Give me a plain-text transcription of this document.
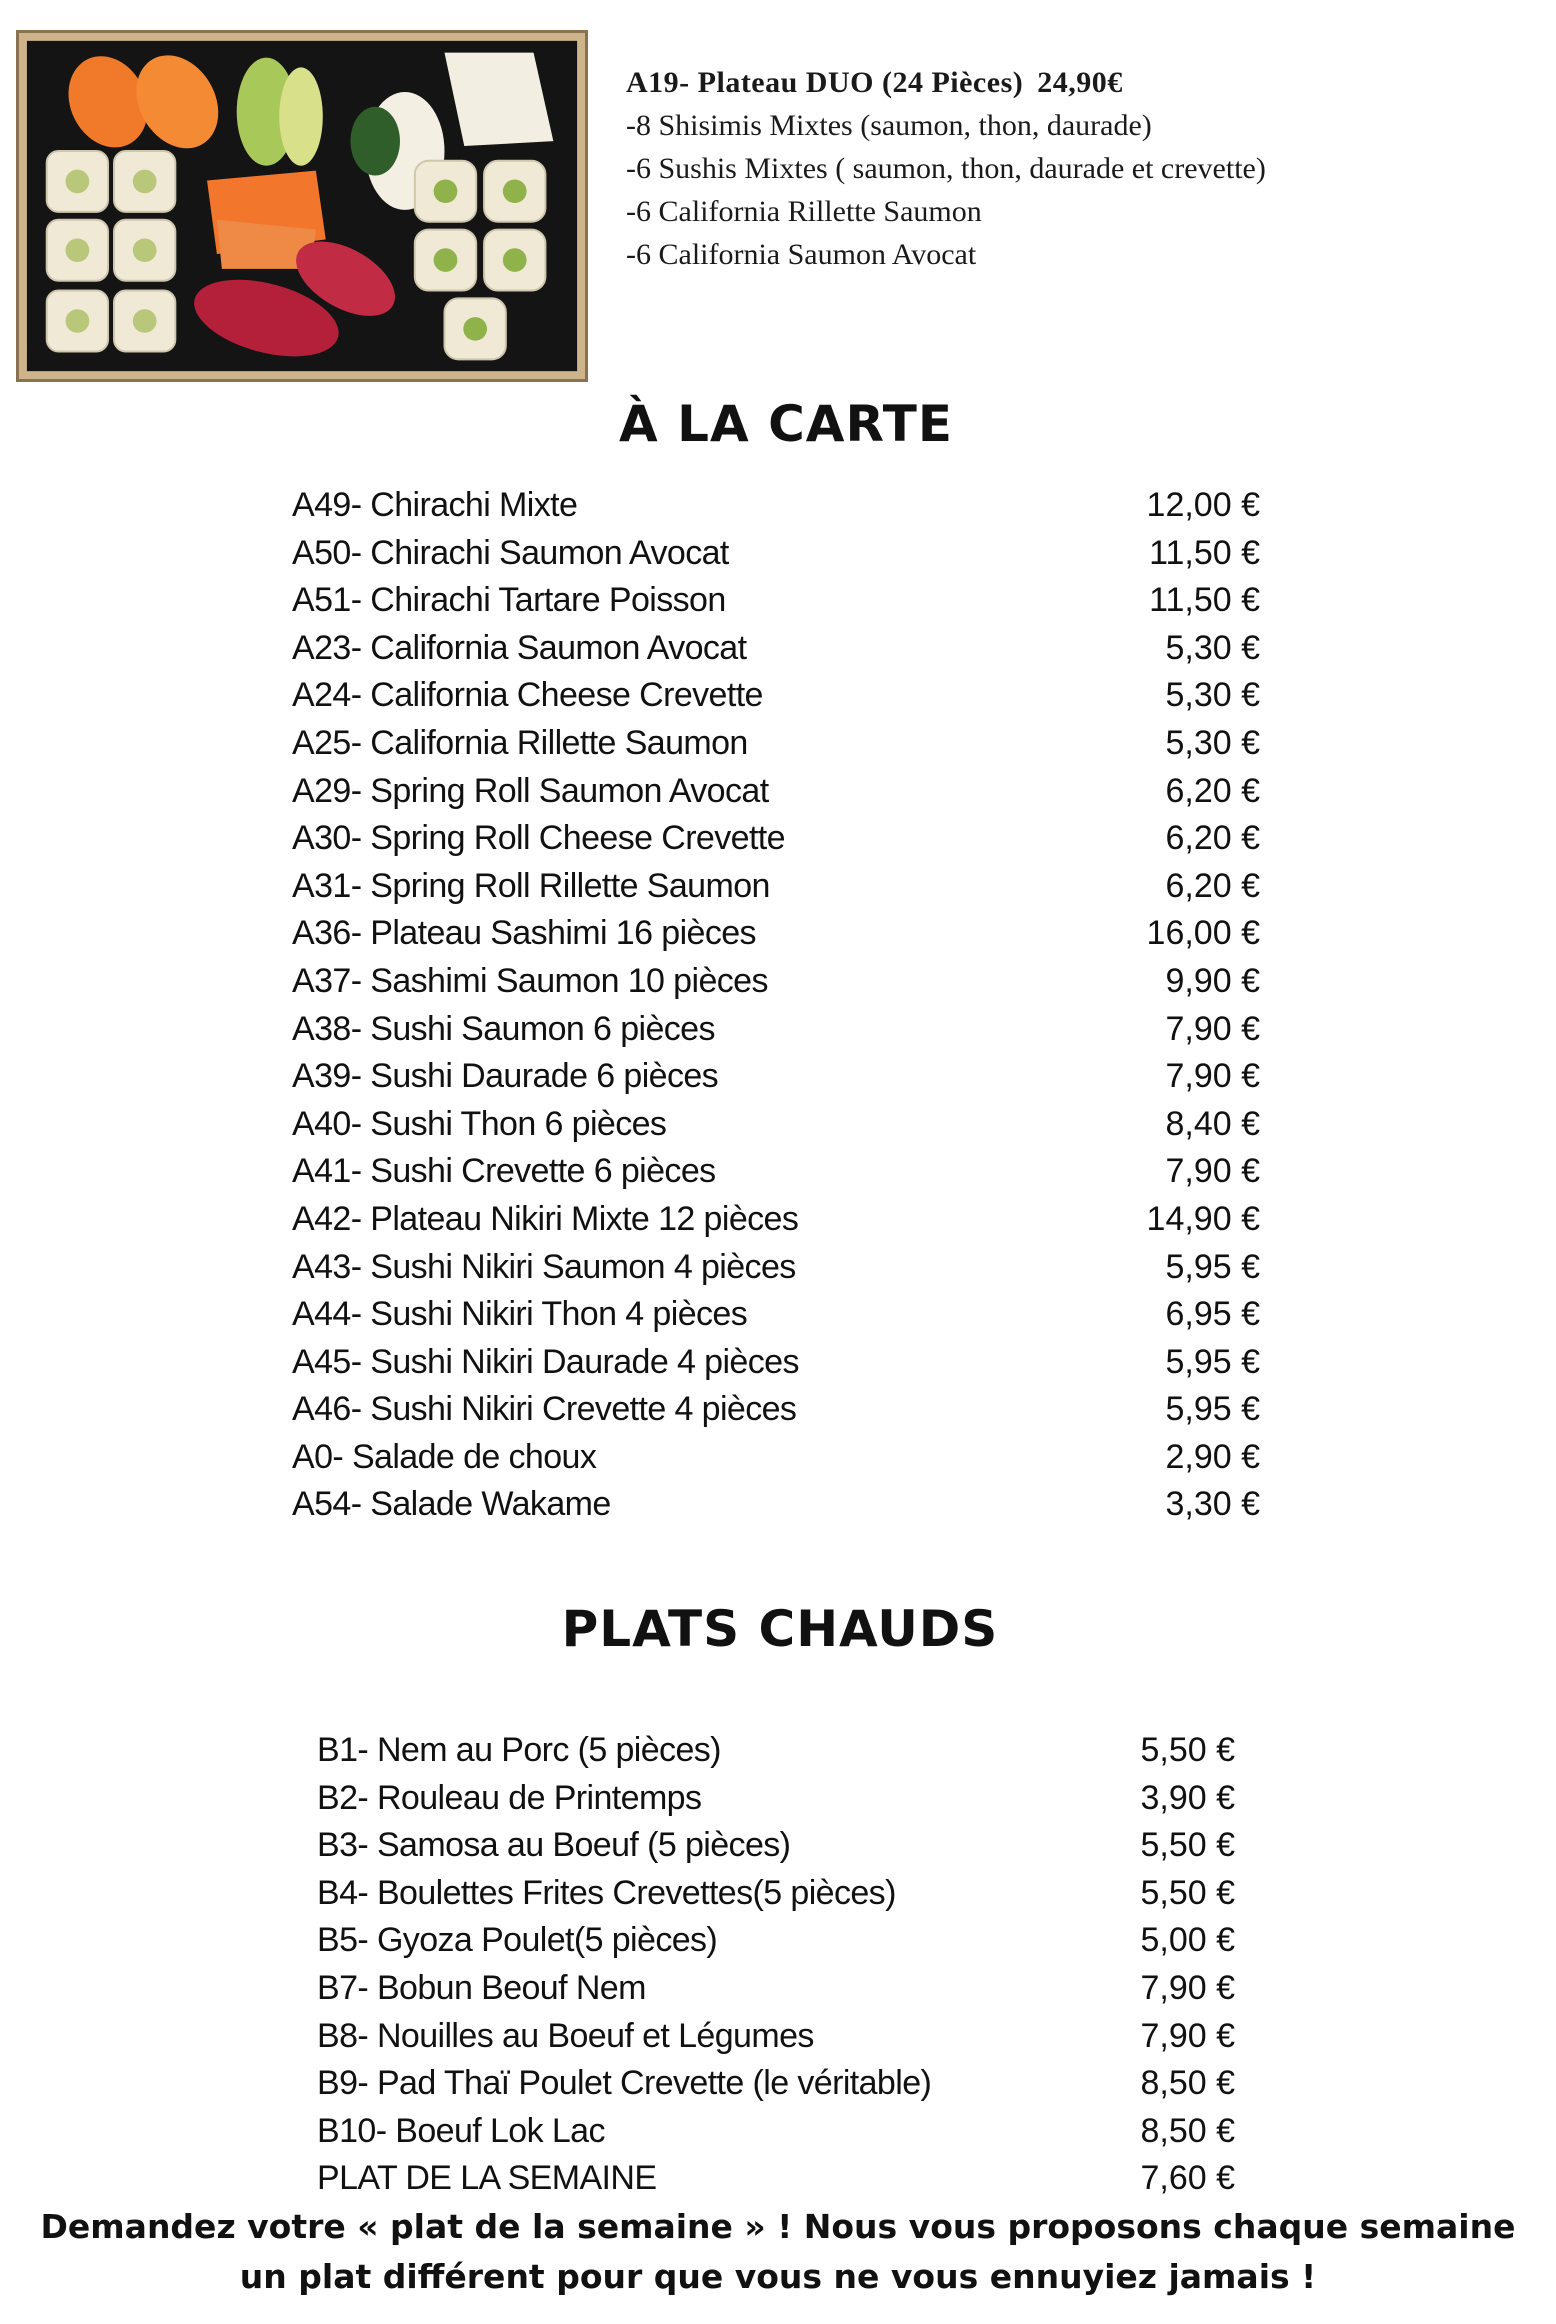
A19- Plateau DUO (24 Pièces) 24,90€
-8 Shisimis Mixtes (saumon, thon, daurade)
-6 Sushis Mixtes ( saumon, thon, daurade et crevette)
-6 California Rillette Saumon
-6 California Saumon Avocat
À LA CARTE
A49- Chirachi Mixte	12,00 €
A50- Chirachi Saumon Avocat	11,50 €
A51- Chirachi Tartare Poisson	11,50 €
A23- California Saumon Avocat	5,30 €
A24- California Cheese Crevette	5,30 €
A25- California Rillette Saumon	5,30 €
A29- Spring Roll Saumon Avocat	6,20 €
A30- Spring Roll Cheese Crevette	6,20 €
A31- Spring Roll Rillette Saumon	6,20 €
A36- Plateau Sashimi 16 pièces	16,00 €
A37- Sashimi Saumon 10 pièces	9,90 €
A38- Sushi Saumon 6 pièces	7,90 €
A39- Sushi Daurade 6 pièces	7,90 €
A40- Sushi Thon 6 pièces	8,40 €
A41- Sushi Crevette 6 pièces	7,90 €
A42- Plateau Nikiri Mixte 12 pièces	14,90 €
A43- Sushi Nikiri Saumon 4 pièces	5,95 €
A44- Sushi Nikiri Thon 4 pièces	6,95 €
A45- Sushi Nikiri Daurade 4 pièces	5,95 €
A46- Sushi Nikiri Crevette 4 pièces	5,95 €
A0- Salade de choux	2,90 €
A54- Salade Wakame	3,30 €
PLATS CHAUDS
B1- Nem au Porc (5 pièces)	5,50 €
B2- Rouleau de Printemps	3,90 €
B3- Samosa au Boeuf (5 pièces)	5,50 €
B4- Boulettes Frites Crevettes(5 pièces)	5,50 €
B5- Gyoza Poulet(5 pièces)	5,00 €
B7- Bobun Beouf Nem	7,90 €
B8- Nouilles au Boeuf et Légumes	7,90 €
B9- Pad Thaï Poulet Crevette (le véritable)	8,50 €
B10- Boeuf Lok Lac	8,50 €
PLAT DE LA SEMAINE	7,60 €
Demandez votre « plat de la semaine » ! Nous vous proposons chaque semaine
un plat différent pour que vous ne vous ennuyiez jamais !
